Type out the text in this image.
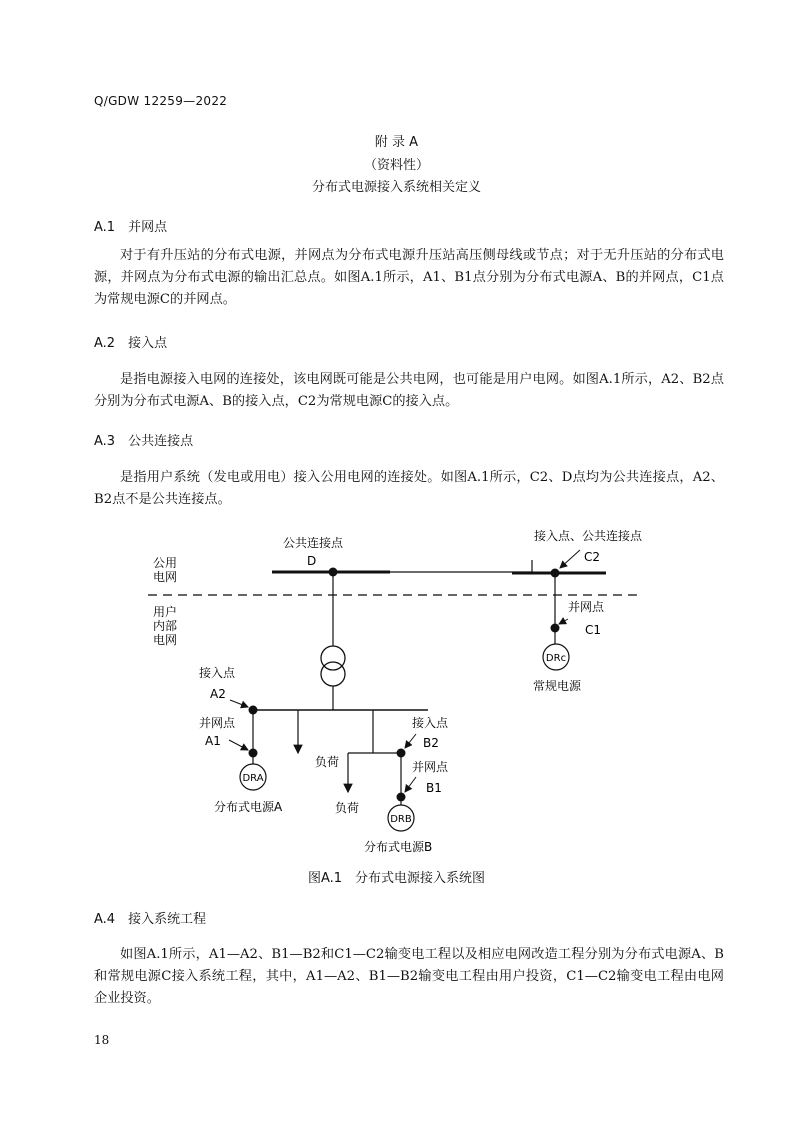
Q/GDW 12259—2022
附 录 A
（资料性）
分布式电源接入系统相关定义
A.1　并网点
对于有升压站的分布式电源，并网点为分布式电源升压站高压侧母线或节点；对于无升压站的分布式电源，并网点为分布式电源的输出汇总点。如图A.1所示，A1、B1点分别为分布式电源A、B的并网点，C1点为常规电源C的并网点。
A.2　接入点
是指电源接入电网的连接处，该电网既可能是公共电网，也可能是用户电网。如图A.1所示，A2、B2点分别为分布式电源A、B的接入点，C2为常规电源C的接入点。
A.3　公共连接点
是指用户系统（发电或用电）接入公用电网的连接处。如图A.1所示，C2、D点均为公共连接点，A2、B2点不是公共连接点。
公用
电网
用户
内部
电网
公共连接点
D
接入点、公共连接点
C2
并网点
C1
DRc
常规电源
接入点
A2
并网点
A1
DRA
分布式电源A
负荷
接入点
B2
并网点
B1
DRB
分布式电源B
负荷
图A.1　分布式电源接入系统图
A.4　接入系统工程
如图A.1所示，A1—A2、B1—B2和C1—C2输变电工程以及相应电网改造工程分别为分布式电源A、B和常规电源C接入系统工程，其中，A1—A2、B1—B2输变电工程由用户投资，C1—C2输变电工程由电网企业投资。
18
